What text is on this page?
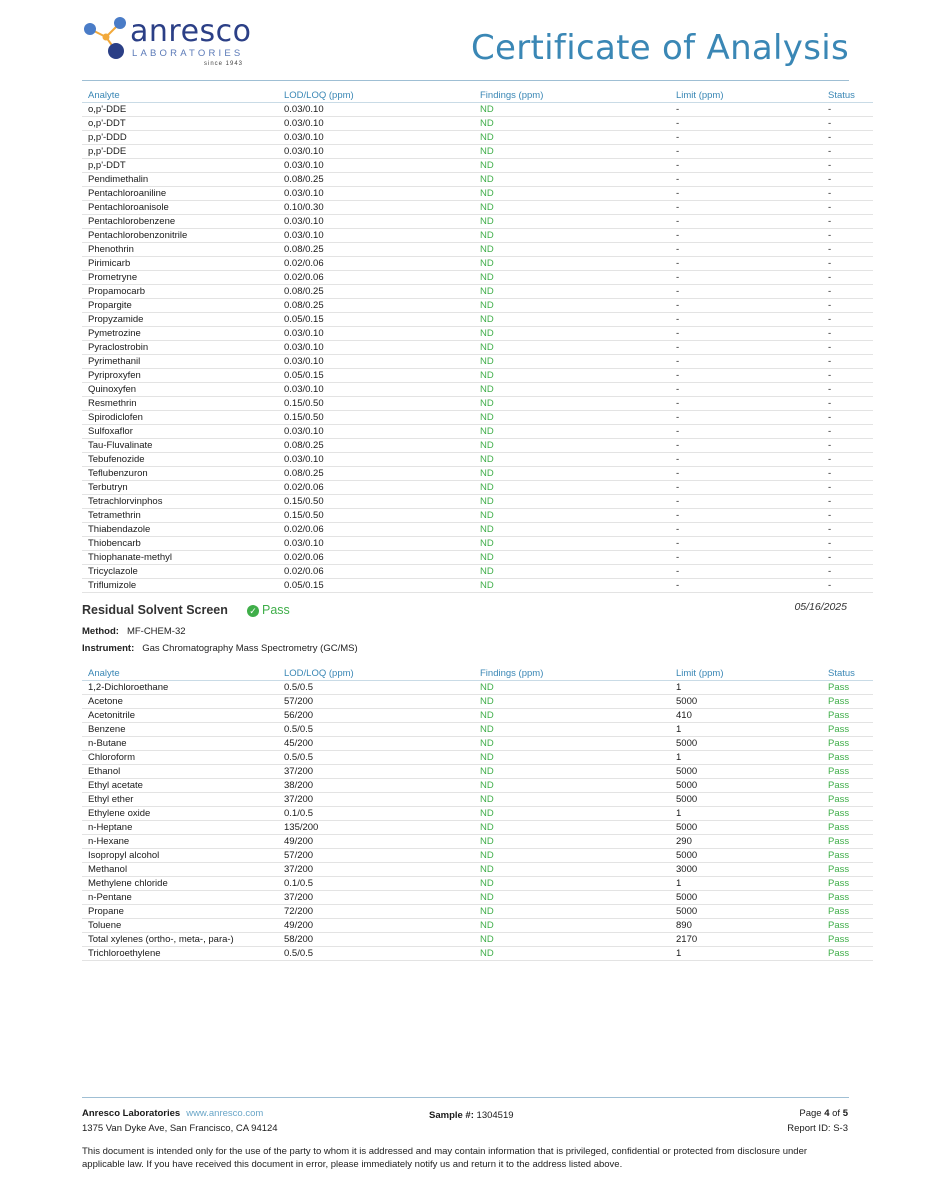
anresco
LABORATORIES
since 1943	Certificate of Analysis
Analyte	LOD/LOQ (ppm)	Findings (ppm)	Limit (ppm)	Status
o,p'-DDE	0.03/0.10	ND	-	-
o,p'-DDT	0.03/0.10	ND	-	-
p,p'-DDD	0.03/0.10	ND	-	-
p,p'-DDE	0.03/0.10	ND	-	-
p,p'-DDT	0.03/0.10	ND	-	-
Pendimethalin	0.08/0.25	ND	-	-
Pentachloroaniline	0.03/0.10	ND	-	-
Pentachloroanisole	0.10/0.30	ND	-	-
Pentachlorobenzene	0.03/0.10	ND	-	-
Pentachlorobenzonitrile	0.03/0.10	ND	-	-
Phenothrin	0.08/0.25	ND	-	-
Pirimicarb	0.02/0.06	ND	-	-
Prometryne	0.02/0.06	ND	-	-
Propamocarb	0.08/0.25	ND	-	-
Propargite	0.08/0.25	ND	-	-
Propyzamide	0.05/0.15	ND	-	-
Pymetrozine	0.03/0.10	ND	-	-
Pyraclostrobin	0.03/0.10	ND	-	-
Pyrimethanil	0.03/0.10	ND	-	-
Pyriproxyfen	0.05/0.15	ND	-	-
Quinoxyfen	0.03/0.10	ND	-	-
Resmethrin	0.15/0.50	ND	-	-
Spirodiclofen	0.15/0.50	ND	-	-
Sulfoxaflor	0.03/0.10	ND	-	-
Tau-Fluvalinate	0.08/0.25	ND	-	-
Tebufenozide	0.03/0.10	ND	-	-
Teflubenzuron	0.08/0.25	ND	-	-
Terbutryn	0.02/0.06	ND	-	-
Tetrachlorvinphos	0.15/0.50	ND	-	-
Tetramethrin	0.15/0.50	ND	-	-
Thiabendazole	0.02/0.06	ND	-	-
Thiobencarb	0.03/0.10	ND	-	-
Thiophanate-methyl	0.02/0.06	ND	-	-
Tricyclazole	0.02/0.06	ND	-	-
Triflumizole	0.05/0.15	ND	-	-
Residual Solvent Screen ✓ Pass	05/16/2025
Method: MF-CHEM-32
Instrument: Gas Chromatography Mass Spectrometry (GC/MS)
Analyte	LOD/LOQ (ppm)	Findings (ppm)	Limit (ppm)	Status
1,2-Dichloroethane	0.5/0.5	ND	1	Pass
Acetone	57/200	ND	5000	Pass
Acetonitrile	56/200	ND	410	Pass
Benzene	0.5/0.5	ND	1	Pass
n-Butane	45/200	ND	5000	Pass
Chloroform	0.5/0.5	ND	1	Pass
Ethanol	37/200	ND	5000	Pass
Ethyl acetate	38/200	ND	5000	Pass
Ethyl ether	37/200	ND	5000	Pass
Ethylene oxide	0.1/0.5	ND	1	Pass
n-Heptane	135/200	ND	5000	Pass
n-Hexane	49/200	ND	290	Pass
Isopropyl alcohol	57/200	ND	5000	Pass
Methanol	37/200	ND	3000	Pass
Methylene chloride	0.1/0.5	ND	1	Pass
n-Pentane	37/200	ND	5000	Pass
Propane	72/200	ND	5000	Pass
Toluene	49/200	ND	890	Pass
Total xylenes (ortho-, meta-, para-)	58/200	ND	2170	Pass
Trichloroethylene	0.5/0.5	ND	1	Pass
Anresco Laboratories www.anresco.com
1375 Van Dyke Ave, San Francisco, CA 94124
Sample #: 1304519	Page 4 of 5
Report ID: S-3
This document is intended only for the use of the party to whom it is addressed and may contain information that is privileged, confidential or protected from disclosure under applicable law. If you have received this document in error, please immediately notify us and return it to the address listed above.
